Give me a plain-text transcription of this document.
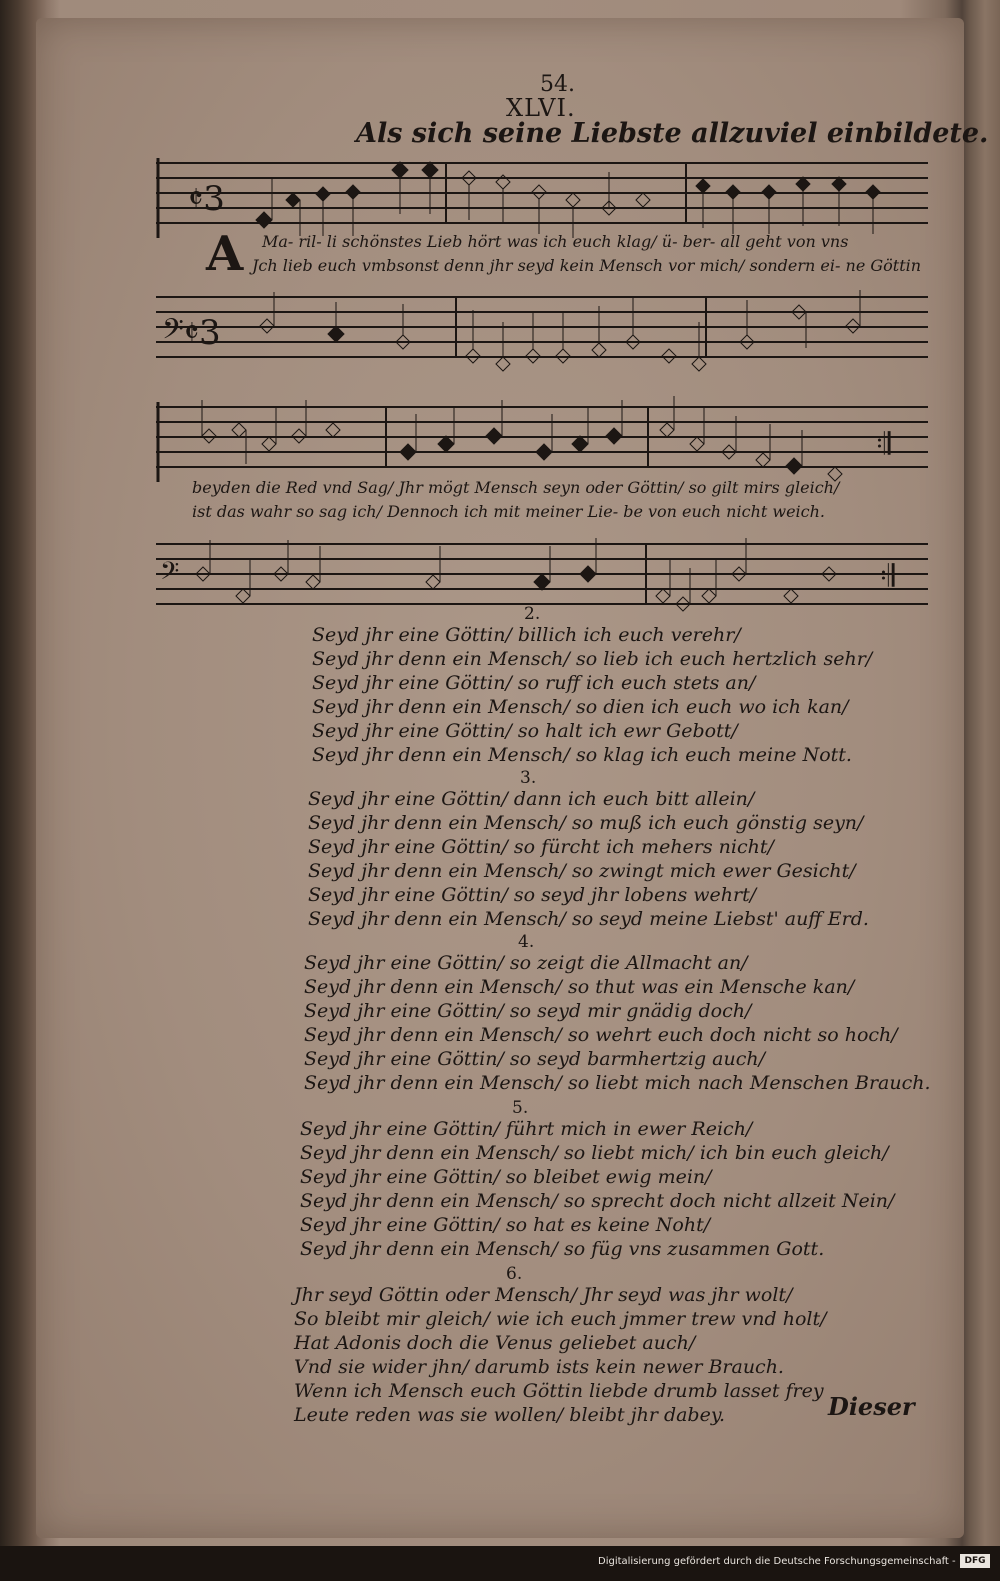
54.
XLVI.
Als sich seine Liebste allzuviel einbildete.
𝄵3
A Ma- ril- li schönstes Lieb hört was ich euch klag/ ü- ber- all geht von vns
Jch lieb euch vmbsonst denn jhr seyd kein Mensch vor mich/ sondern ei- ne Göttin
𝄢𝄵3
𝄇
beyden die Red vnd Sag/ Jhr mögt Mensch seyn oder Göttin/ so gilt mirs gleich/
ist das wahr so sag ich/ Dennoch ich mit meiner Lie- be von euch nicht weich.
𝄢	𝄇
2.
Seyd jhr eine Göttin/ billich ich euch verehr/
Seyd jhr denn ein Mensch/ so lieb ich euch hertzlich sehr/
Seyd jhr eine Göttin/ so ruff ich euch stets an/
Seyd jhr denn ein Mensch/ so dien ich euch wo ich kan/
Seyd jhr eine Göttin/ so halt ich ewr Gebott/
Seyd jhr denn ein Mensch/ so klag ich euch meine Nott.
3.
Seyd jhr eine Göttin/ dann ich euch bitt allein/
Seyd jhr denn ein Mensch/ so muß ich euch gönstig seyn/
Seyd jhr eine Göttin/ so fürcht ich mehers nicht/
Seyd jhr denn ein Mensch/ so zwingt mich ewer Gesicht/
Seyd jhr eine Göttin/ so seyd jhr lobens wehrt/
Seyd jhr denn ein Mensch/ so seyd meine Liebst' auff Erd.
4.
Seyd jhr eine Göttin/ so zeigt die Allmacht an/
Seyd jhr denn ein Mensch/ so thut was ein Mensche kan/
Seyd jhr eine Göttin/ so seyd mir gnädig doch/
Seyd jhr denn ein Mensch/ so wehrt euch doch nicht so hoch/
Seyd jhr eine Göttin/ so seyd barmhertzig auch/
Seyd jhr denn ein Mensch/ so liebt mich nach Menschen Brauch.
5.
Seyd jhr eine Göttin/ führt mich in ewer Reich/
Seyd jhr denn ein Mensch/ so liebt mich/ ich bin euch gleich/
Seyd jhr eine Göttin/ so bleibet ewig mein/
Seyd jhr denn ein Mensch/ so sprecht doch nicht allzeit Nein/
Seyd jhr eine Göttin/ so hat es keine Noht/
Seyd jhr denn ein Mensch/ so füg vns zusammen Gott.
6.
Jhr seyd Göttin oder Mensch/ Jhr seyd was jhr wolt/
So bleibt mir gleich/ wie ich euch jmmer trew vnd holt/
Hat Adonis doch die Venus geliebet auch/
Vnd sie wider jhn/ darumb ists kein newer Brauch.
Wenn ich Mensch euch Göttin liebde drumb lasset frey
Leute reden was sie wollen/ bleibt jhr dabey.	Dieser
Digitalisierung gefördert durch die Deutsche Forschungsgemeinschaft - DFG
